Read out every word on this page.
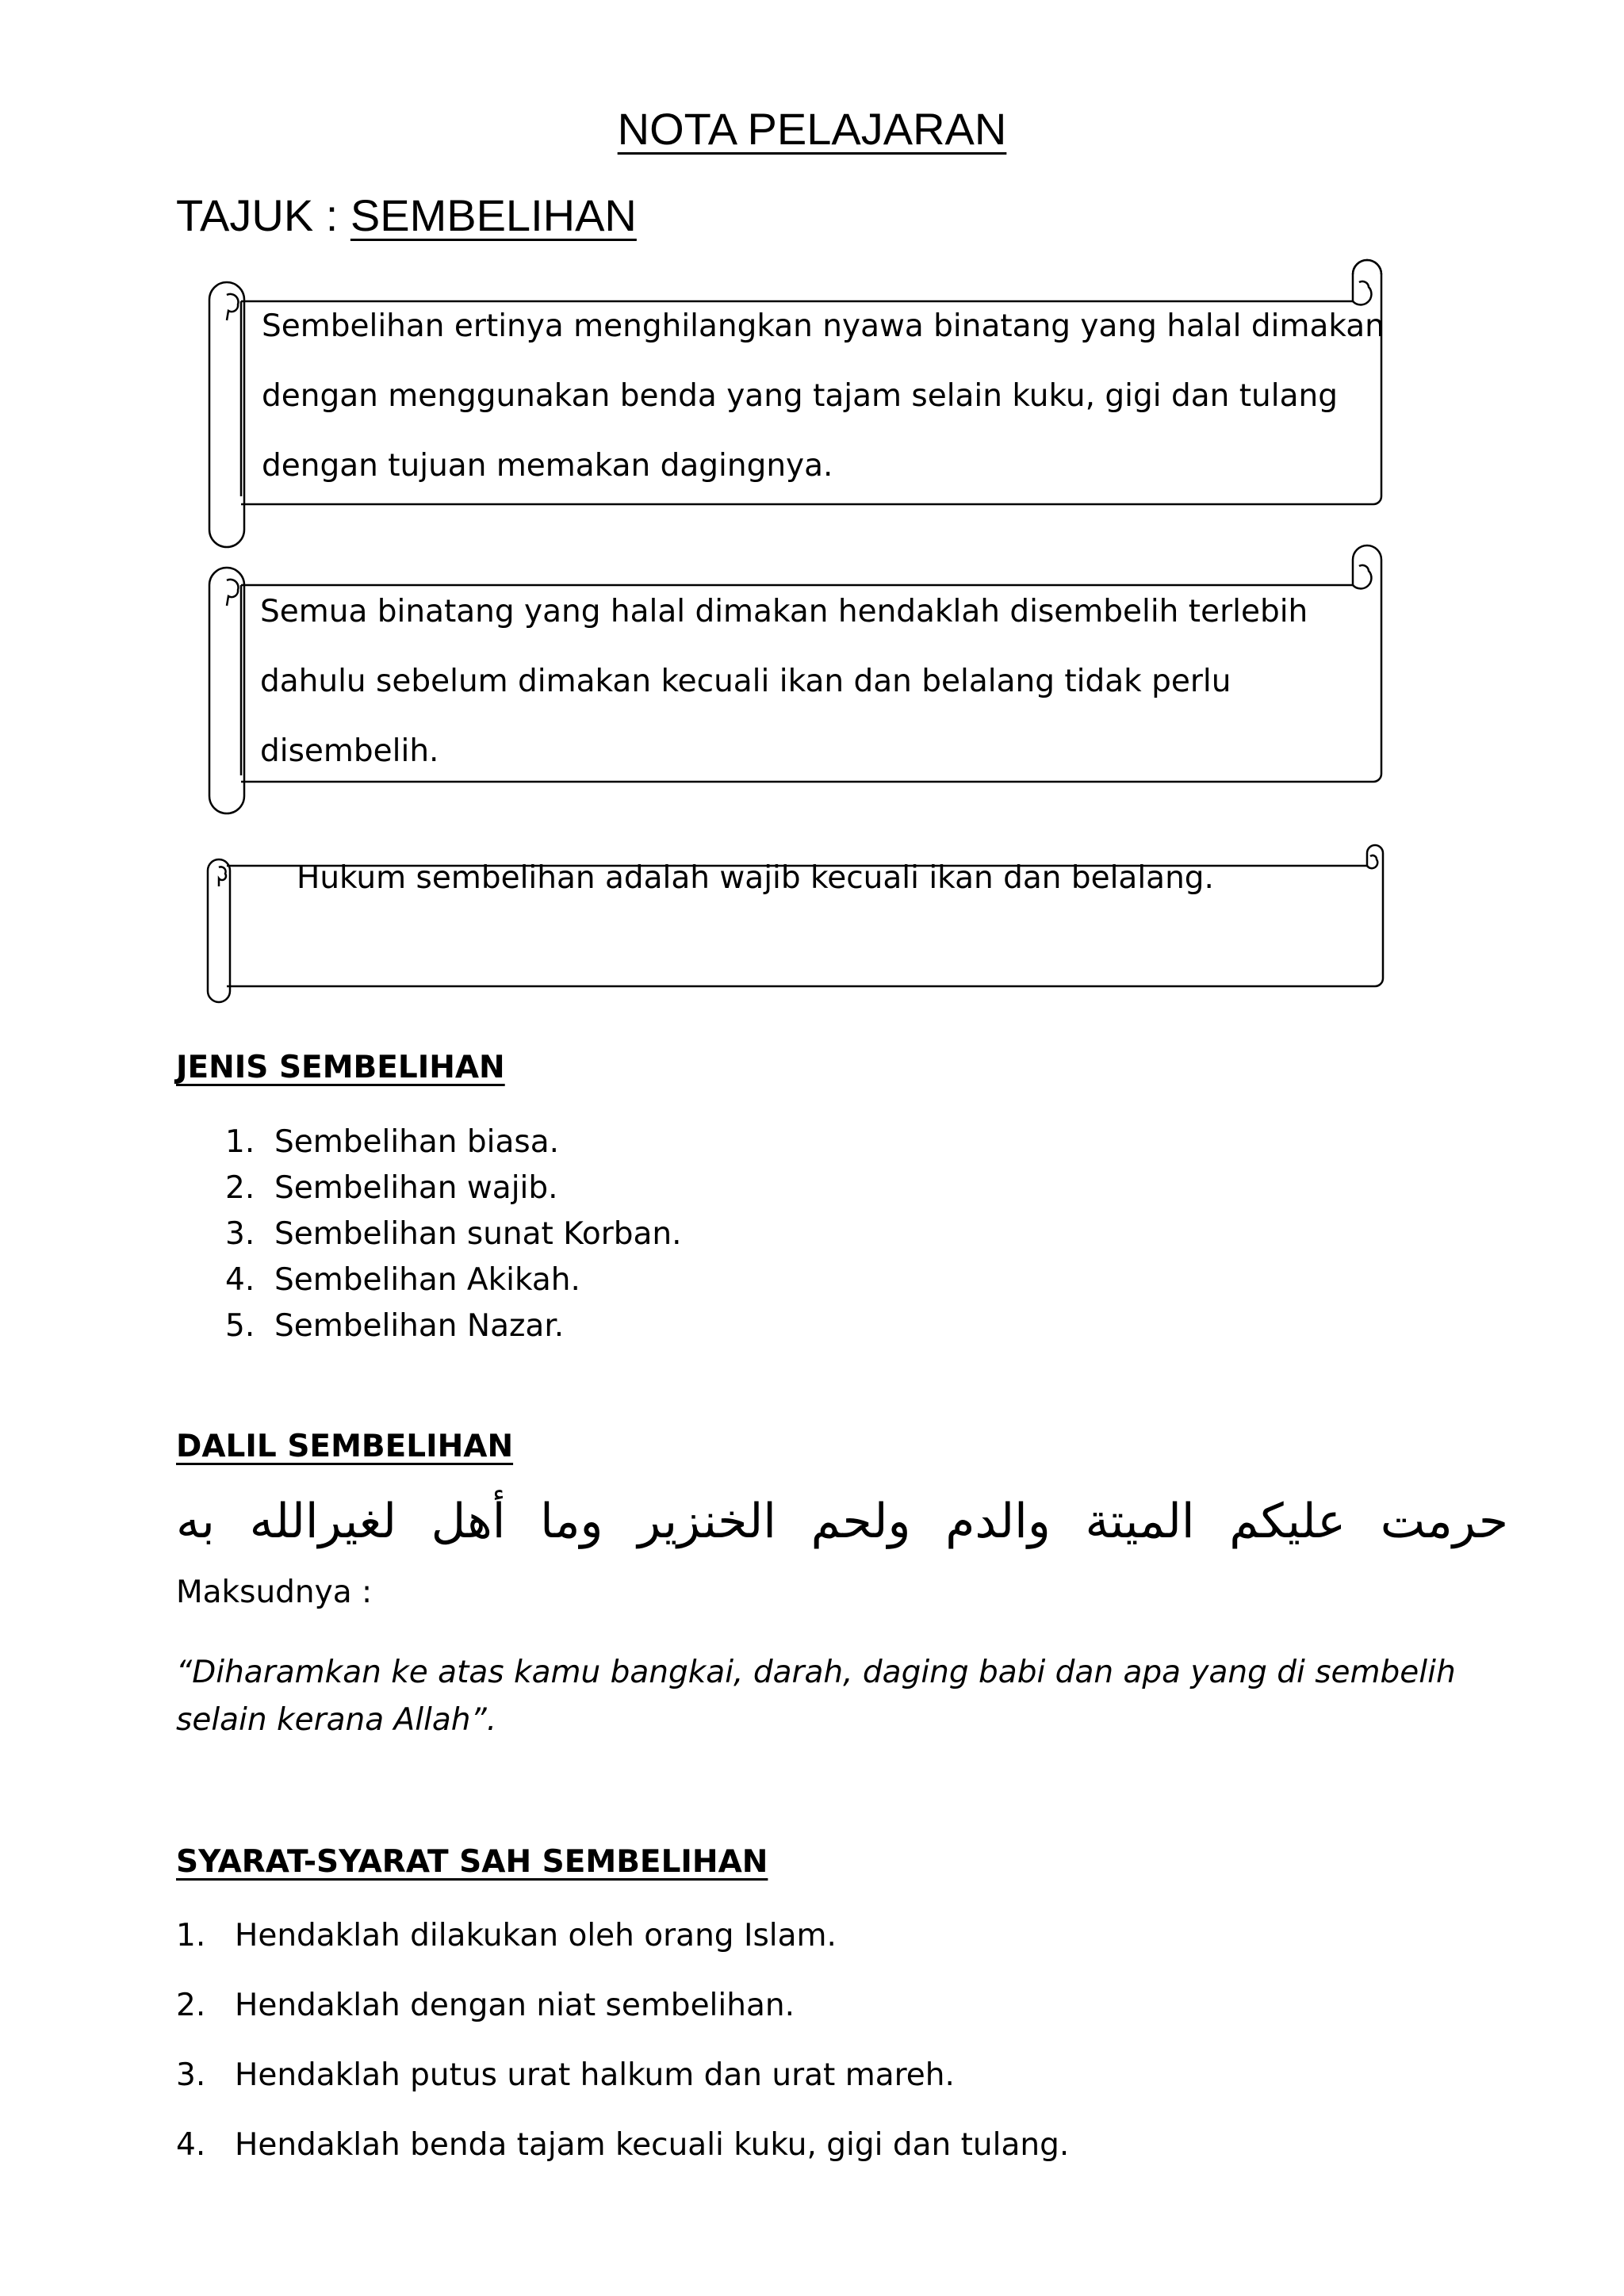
NOTA PELAJARAN
TAJUK : SEMBELIHAN
Sembelihan ertinya menghilangkan nyawa binatang yang halal dimakan
dengan menggunakan benda yang tajam selain kuku, gigi dan tulang
dengan tujuan memakan dagingnya.
Semua binatang yang halal dimakan hendaklah disembelih terlebih
dahulu sebelum dimakan kecuali ikan dan belalang tidak perlu
disembelih.
Hukum sembelihan adalah wajib kecuali ikan dan belalang.
JENIS SEMBELIHAN
1. Sembelihan biasa.
2. Sembelihan wajib.
3. Sembelihan sunat Korban.
4. Sembelihan Akikah.
5. Sembelihan Nazar.
DALIL SEMBELIHAN
حرمت عليكم الميتة والدم ولحم الخنزير وما أهل لغيرالله به
Maksudnya :
“Diharamkan ke atas kamu bangkai, darah, daging babi dan apa yang di sembelih selain kerana Allah”.
SYARAT-SYARAT SAH SEMBELIHAN
1. Hendaklah dilakukan oleh orang Islam.
2. Hendaklah dengan niat sembelihan.
3. Hendaklah putus urat halkum dan urat mareh.
4. Hendaklah benda tajam kecuali kuku, gigi dan tulang.
